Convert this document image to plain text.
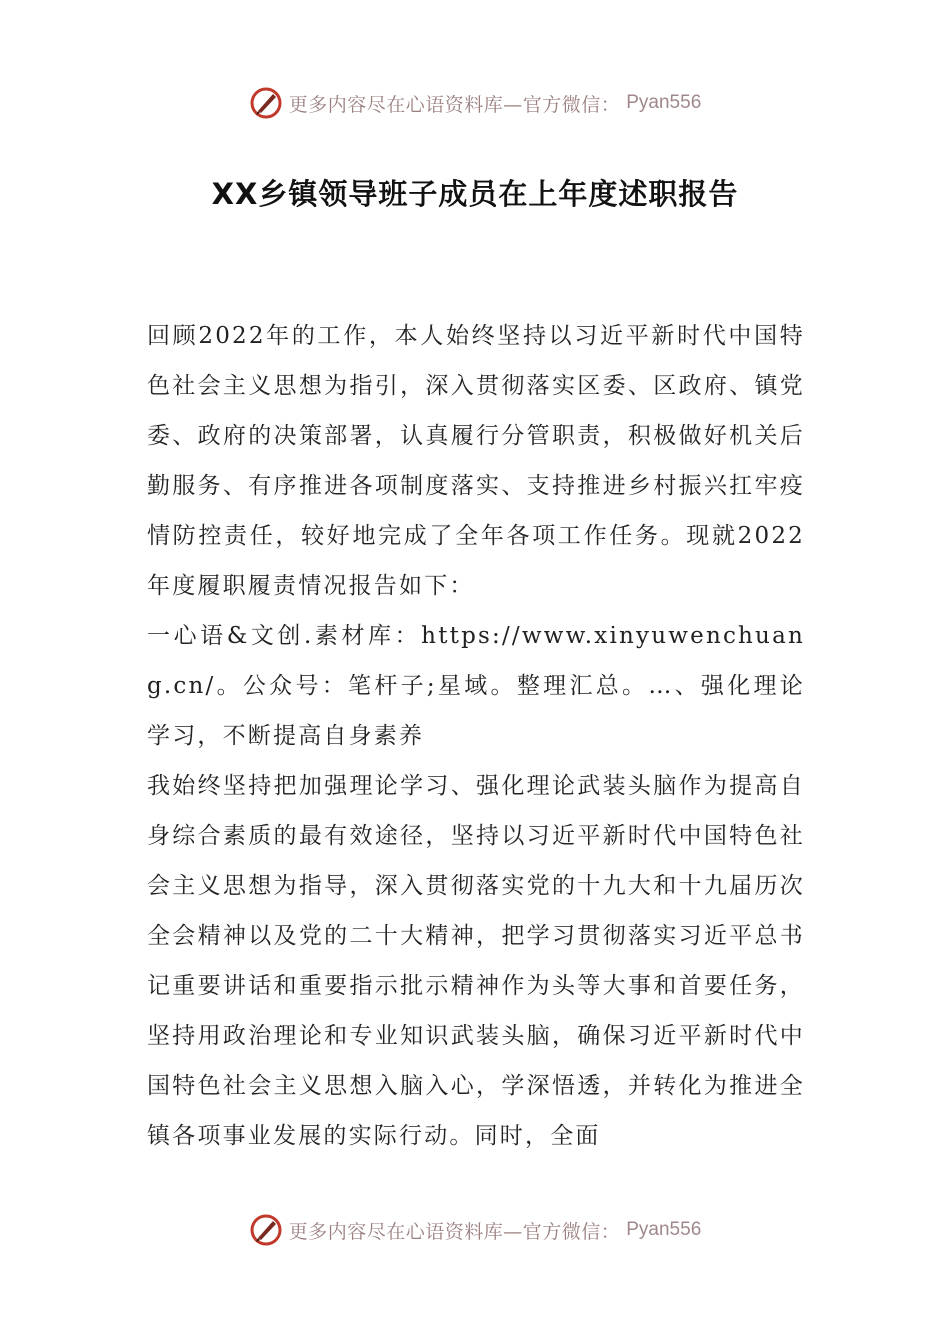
更多内容尽在心语资料库—官方微信： Pyan556
XX乡镇领导班子成员在上年度述职报告

回顾2022年的工作，本人始终坚持以习近平新时代中国特色社会主义思想为指引，深入贯彻落实区委、区政府、镇党委、政府的决策部署，认真履行分管职责，积极做好机关后勤服务、有序推进各项制度落实、支持推进乡村振兴扛牢疫情防控责任，较好地完成了全年各项工作任务。现就2022年度履职履责情况报告如下：

一心语&文创.素材库：https://www.xinyuwenchuang.cn/。公众号：笔杆子;星域。整理汇总。…、强化理论学习，不断提高自身素养

我始终坚持把加强理论学习、强化理论武装头脑作为提高自身综合素质的最有效途径，坚持以习近平新时代中国特色社会主义思想为指导，深入贯彻落实党的十九大和十九届历次全会精神以及党的二十大精神，把学习贯彻落实习近平总书记重要讲话和重要指示批示精神作为头等大事和首要任务，坚持用政治理论和专业知识武装头脑，确保习近平新时代中国特色社会主义思想入脑入心，学深悟透，并转化为推进全镇各项事业发展的实际行动。同时，全面

更多内容尽在心语资料库—官方微信： Pyan556
